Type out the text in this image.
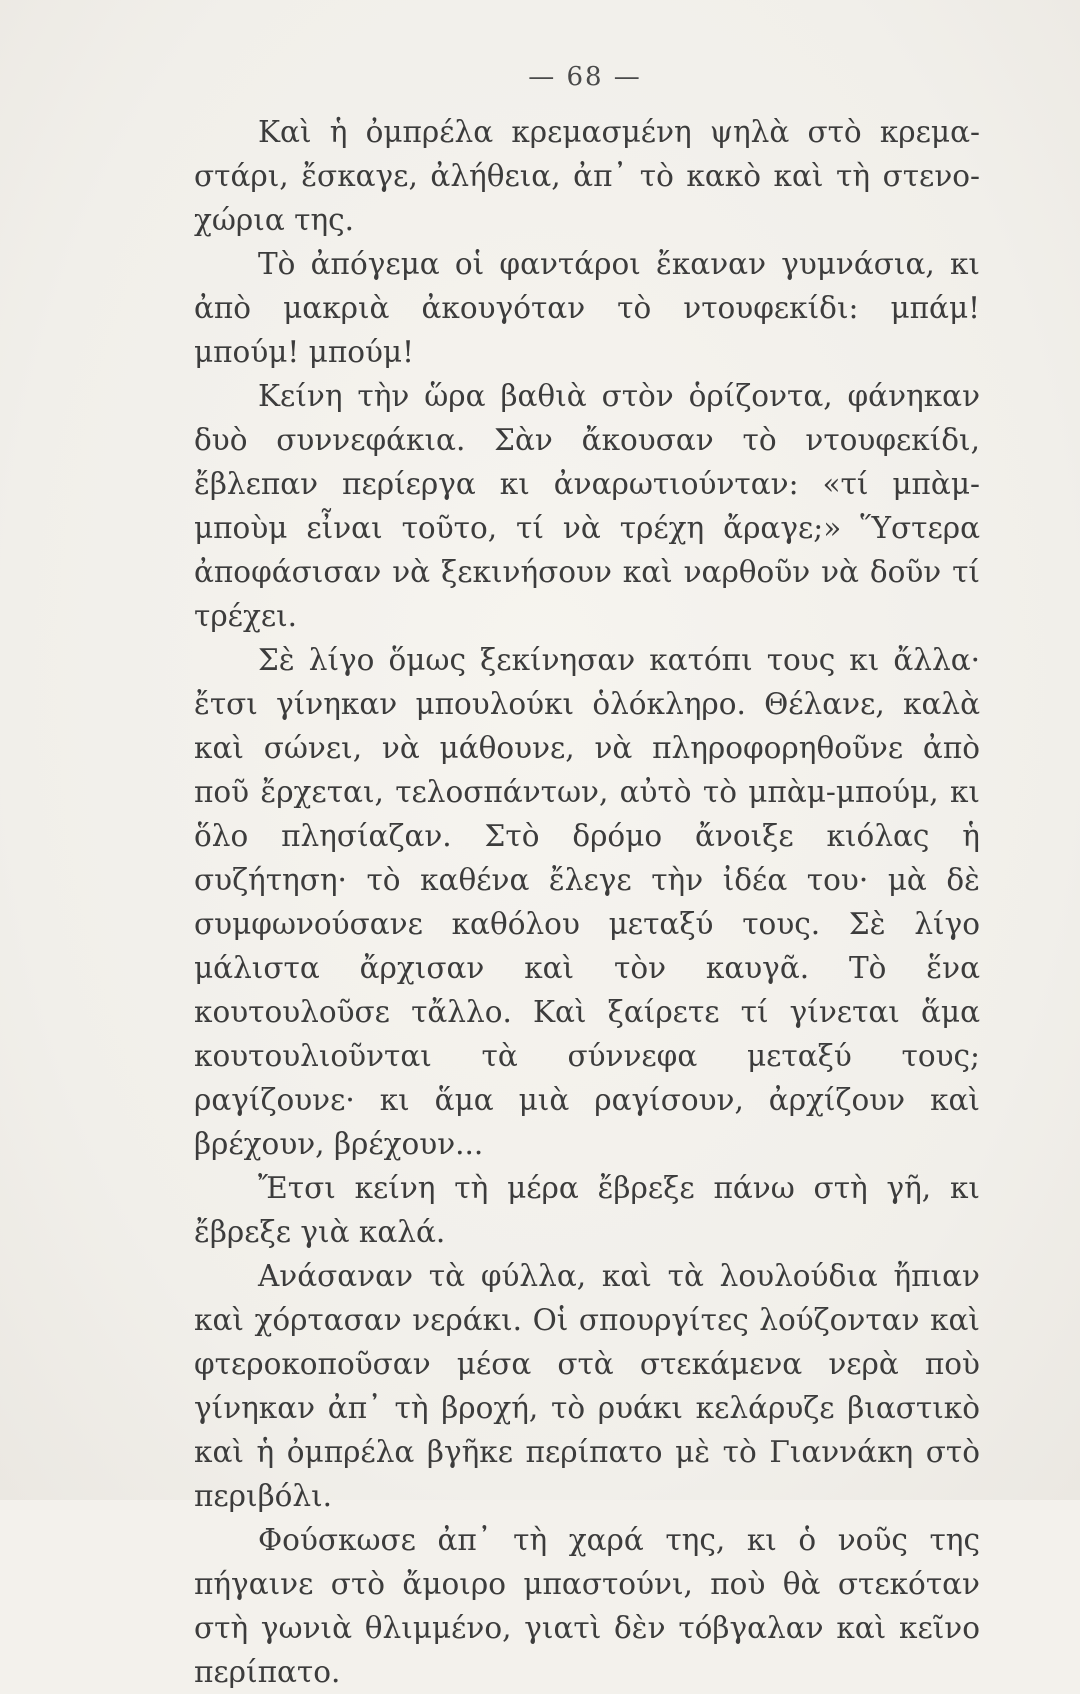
— 68 —

Καὶ ἡ ὀμπρέλα κρεμασμένη ψηλὰ στὸ κρεμαστάρι, ἔσκαγε, ἀλήθεια, ἀπ᾽ τὸ κακὸ καὶ τὴ στενοχώρια της.

Τὸ ἀπόγεμα οἱ φαντάροι ἔκαναν γυμνάσια, κι ἀπὸ μακριὰ ἀκουγόταν τὸ ντουφεκίδι: μπάμ! μπούμ! μπούμ!

Κείνη τὴν ὥρα βαθιὰ στὸν ὁρίζοντα, φάνηκαν δυὸ συννεφάκια. Σὰν ἄκουσαν τὸ ντουφεκίδι, ἔβλεπαν περίεργα κι ἀναρωτιούνταν: «τί μπὰμ-μποὺμ εἶναι τοῦτο, τί νὰ τρέχη ἄραγε;» Ὕστερα ἀποφάσισαν νὰ ξεκινήσουν καὶ ναρθοῦν νὰ δοῦν τί τρέχει.

Σὲ λίγο ὅμως ξεκίνησαν κατόπι τους κι ἄλλα· ἔτσι γίνηκαν μπουλούκι ὁλόκληρο. Θέλανε, καλὰ καὶ σώνει, νὰ μάθουνε, νὰ πληροφορηθοῦνε ἀπὸ ποῦ ἔρχεται, τελοσπάντων, αὐτὸ τὸ μπὰμ-μπούμ, κι ὅλο πλησίαζαν. Στὸ δρόμο ἄνοιξε κιόλας ἡ συζήτηση· τὸ καθένα ἔλεγε τὴν ἰδέα του· μὰ δὲ συμφωνούσανε καθόλου μεταξύ τους. Σὲ λίγο μάλιστα ἄρχισαν καὶ τὸν καυγᾶ. Τὸ ἕνα κουτουλοῦσε τἄλλο. Καὶ ξαίρετε τί γίνεται ἅμα κουτουλιοῦνται τὰ σύννεφα μεταξύ τους; ραγίζουνε· κι ἅμα μιὰ ραγίσουν, ἀρχίζουν καὶ βρέχουν, βρέχουν...

Ἔτσι κείνη τὴ μέρα ἔβρεξε πάνω στὴ γῆ, κι ἔβρεξε γιὰ καλά.

Ανάσαναν τὰ φύλλα, καὶ τὰ λουλούδια ἤπιαν καὶ χόρτασαν νεράκι. Οἱ σπουργίτες λούζονταν καὶ φτεροκοποῦσαν μέσα στὰ στεκάμενα νερὰ ποὺ γίνηκαν ἀπ᾽ τὴ βροχή, τὸ ρυάκι κελάρυζε βιαστικὸ καὶ ἡ ὀμπρέλα βγῆκε περίπατο μὲ τὸ Γιαννάκη στὸ περιβόλι.

Φούσκωσε ἀπ᾽ τὴ χαρά της, κι ὁ νοῦς της πήγαινε στὸ ἄμοιρο μπαστούνι, ποὺ θὰ στεκόταν στὴ γωνιὰ θλιμμένο, γιατὶ δὲν τόβγαλαν καὶ κεῖνο περίπατο.
